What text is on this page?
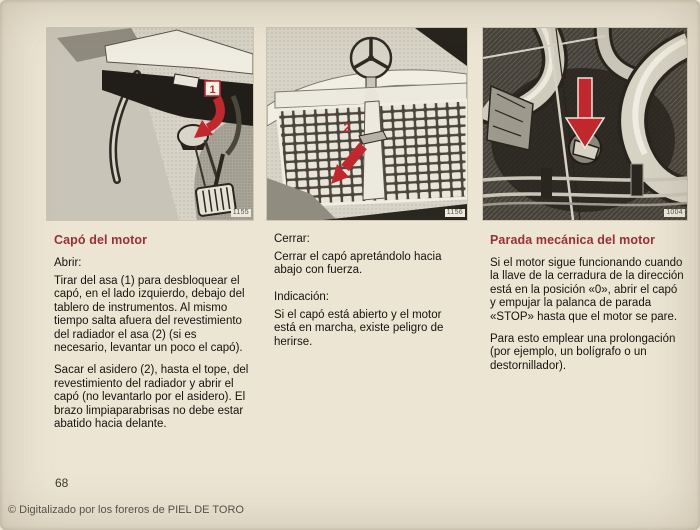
1
1155
Capó del motor

Abrir:

Tirar del asa (1) para desbloquear el capó, en el lado izquierdo, debajo del tablero de instrumentos. Al mismo tiempo salta afuera del revestimiento del radiador el asa (2) (si es necesario, levantar un poco el capó).

Sacar el asidero (2), hasta el tope, del revestimiento del radiador y abrir el capó (no levantarlo por el asidero). El brazo limpiaparabrisas no debe estar abatido hacia delante.

2
1156

Cerrar:

Cerrar el capó apretándolo hacia abajo con fuerza.

Indicación:

Si el capó está abierto y el motor está en marcha, existe peligro de herirse.

1004
Parada mecánica del motor

Si el motor sigue funcionando cuando la llave de la cerradura de la dirección está en la posición «0», abrir el capó y empujar la palanca de parada «STOP» hasta que el motor se pare.

Para esto emplear una prolongación (por ejemplo, un bolígrafo o un destornillador).

68
© Digitalizado por los foreros de PIEL DE TORO
